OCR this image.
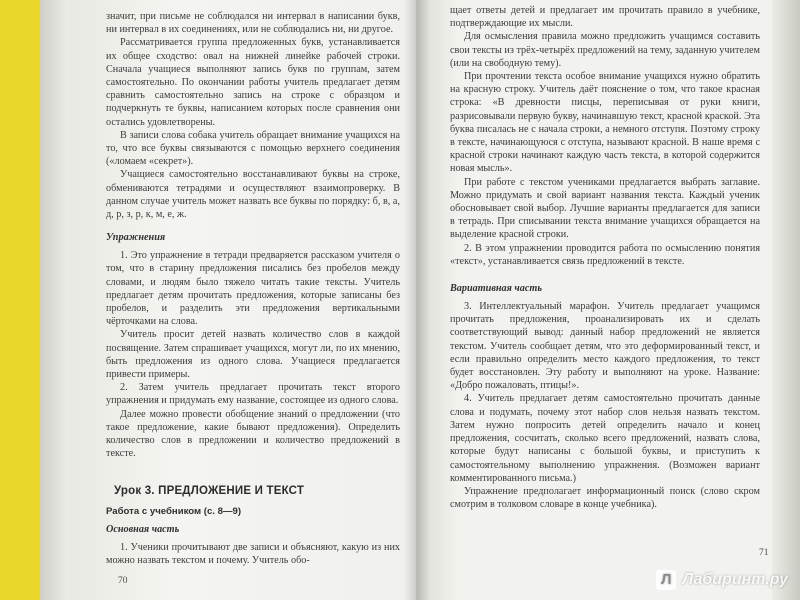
значит, при письме не соблюдался ни интервал в написании букв, ни интервал в их соединениях, или не соблюдались ни, ни другое.

Рассматривается группа предложенных букв, устанавливается их общее сходство: овал на нижней линейке рабочей строки. Сначала учащиеся выполняют запись букв по группам, затем самостоятельно. По окончании работы учитель предлагает детям сравнить самостоятельно запись на строке с образцом и подчеркнуть те буквы, написанием которых после сравнения они остались удовлетворены.

В записи слова собака учитель обращает внимание учащихся на то, что все буквы связываются с помощью верхнего соединения («ломаем «секрет»).

Учащиеся самостоятельно восстанавливают буквы на строке, обмениваются тетрадями и осуществляют взаимопроверку. В данном случае учитель может назвать все буквы по порядку: б, в, а, д, р, з, р, к, м, е, ж.

Упражнения

1. Это упражнение в тетради предваряется рассказом учителя о том, что в старину предложения писались без пробелов между словами, и людям было тяжело читать такие тексты. Учитель предлагает детям прочитать предложения, которые записаны без пробелов, и разделить эти предложения вертикальными чёрточками на слова.

Учитель просит детей назвать количество слов в каждой посвящение. Затем спрашивает учащихся, могут ли, по их мнению, быть предложения из одного слова. Учащиеся предлагается привести примеры.

2. Затем учитель предлагает прочитать текст второго упражнения и придумать ему название, состоящее из одного слова.

Далее можно провести обобщение знаний о предложении (что такое предложение, какие бывают предложения). Определить количество слов в предложении и количество предложений в тексте.

Урок 3. ПРЕДЛОЖЕНИЕ И ТЕКСТ
Работа с учебником (с. 8—9)
Основная часть

1. Ученики прочитывают две записи и объясняют, какую из них можно назвать текстом и почему. Учитель обо-

щает ответы детей и предлагает им прочитать правило в учебнике, подтверждающие их мысли.

Для осмысления правила можно предложить учащимся составить свои тексты из трёх-четырёх предложений на тему, заданную учителем (или на свободную тему).

При прочтении текста особое внимание учащихся нужно обратить на красную строку. Учитель даёт пояснение о том, что такое красная строка: «В древности писцы, переписывая от руки книги, разрисовывали первую букву, начинавшую текст, красной краской. Эта буква писалась не с начала строки, а немного отступя. Поэтому строку в тексте, начинающуюся с отступа, называют красной. В наше время с красной строки начинают каждую часть текста, в которой содержится новая мысль».

При работе с текстом учениками предлагается выбрать заглавие. Можно придумать и свой вариант названия текста. Каждый ученик обосновывает свой выбор. Лучшие варианты предлагается для записи в тетрадь. При списывании текста внимание учащихся обращается на выделение красной строки.

2. В этом упражнении проводится работа по осмыслению понятия «текст», устанавливается связь предложений в тексте.

Вариативная часть

3. Интеллектуальный марафон. Учитель предлагает учащимся прочитать предложения, проанализировать их и сделать соответствующий вывод: данный набор предложений не является текстом. Учитель сообщает детям, что это деформированный текст, и если правильно определить место каждого предложения, то текст будет восстановлен. Эту работу и выполняют на уроке. Название: «Добро пожаловать, птицы!».

4. Учитель предлагает детям самостоятельно прочитать данные слова и подумать, почему этот набор слов нельзя назвать текстом. Затем нужно попросить детей определить начало и конец предложения, сосчитать, сколько всего предложений, назвать слова, которые будут написаны с большой буквы, и приступить к самостоятельному выполнению упражнения. (Возможен вариант комментированного письма.)

Упражнение предполагает информационный поиск (слово скром смотрим в толковом словаре в конце учебника).

70
71
Л Лабиринт.ру
